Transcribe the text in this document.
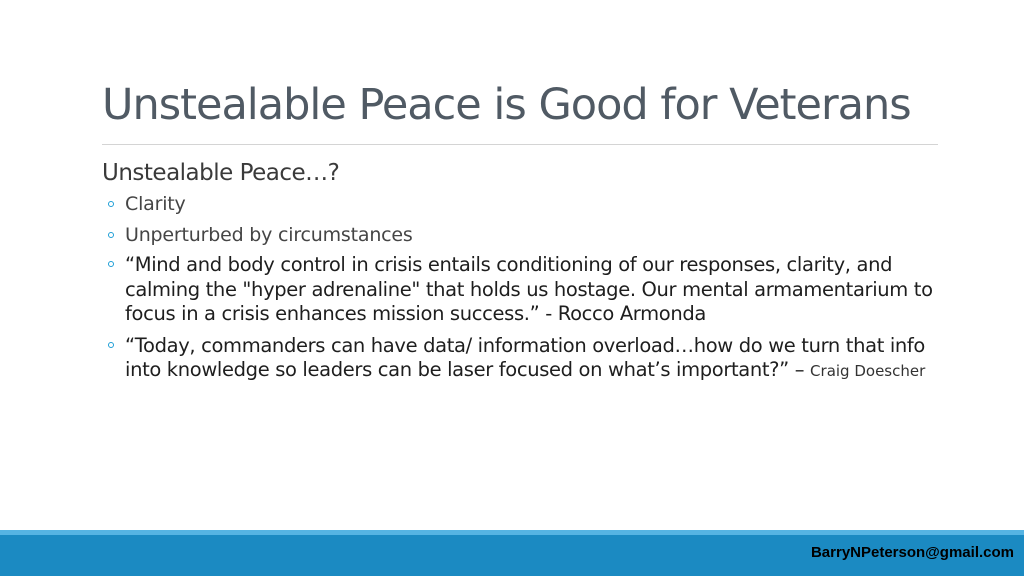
Unstealable Peace is Good for Veterans
Unstealable Peace…?
Clarity
Unperturbed by circumstances
“Mind and body control in crisis entails conditioning of our responses, clarity, and calming the "hyper adrenaline" that holds us hostage. Our mental armamentarium to focus in a crisis enhances mission success.” - Rocco Armonda
“Today, commanders can have data/ information overload…how do we turn that info into knowledge so leaders can be laser focused on what’s important?” – Craig Doescher
BarryNPeterson@gmail.com
